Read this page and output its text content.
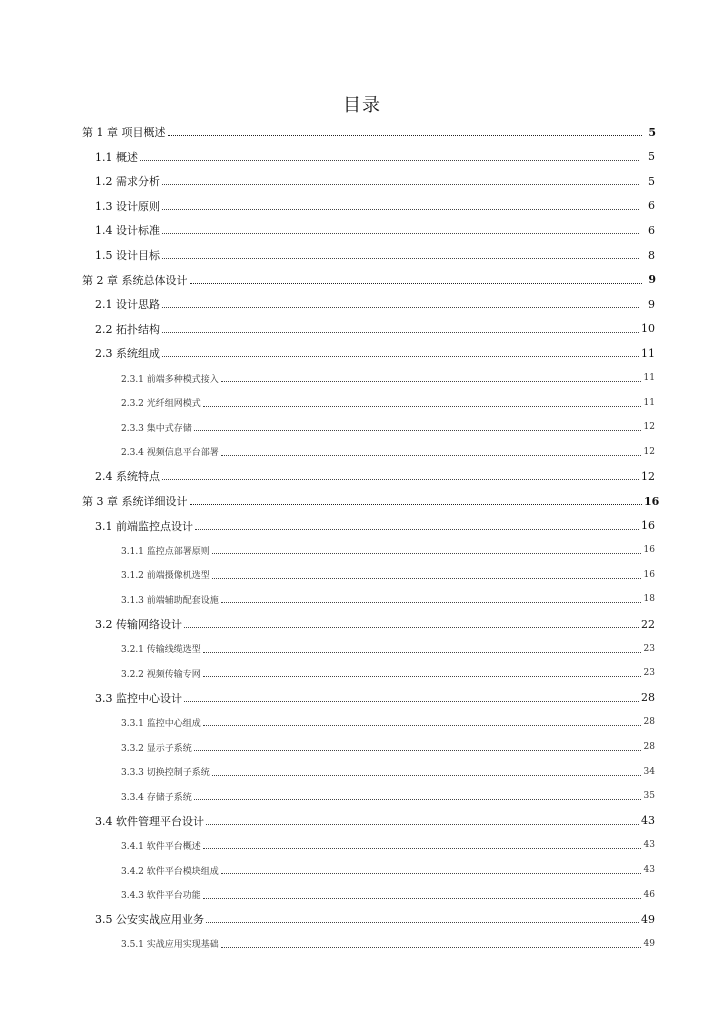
目录
第 1 章 项目概述	5
1.1 概述	5
1.2 需求分析	5
1.3 设计原则	6
1.4 设计标准	6
1.5 设计目标	8
第 2 章 系统总体设计	9
2.1 设计思路	9
2.2 拓扑结构	10
2.3 系统组成	11
2.3.1 前端多种模式接入	11
2.3.2 光纤组网模式	11
2.3.3 集中式存储	12
2.3.4 视频信息平台部署	12
2.4 系统特点	12
第 3 章 系统详细设计	16
3.1 前端监控点设计	16
3.1.1 监控点部署原则	16
3.1.2 前端摄像机选型	16
3.1.3 前端辅助配套设施	18
3.2 传输网络设计	22
3.2.1 传输线缆选型	23
3.2.2 视频传输专网	23
3.3 监控中心设计	28
3.3.1 监控中心组成	28
3.3.2 显示子系统	28
3.3.3 切换控制子系统	34
3.3.4 存储子系统	35
3.4 软件管理平台设计	43
3.4.1 软件平台概述	43
3.4.2 软件平台模块组成	43
3.4.3 软件平台功能	46
3.5 公安实战应用业务	49
3.5.1 实战应用实现基础	49
